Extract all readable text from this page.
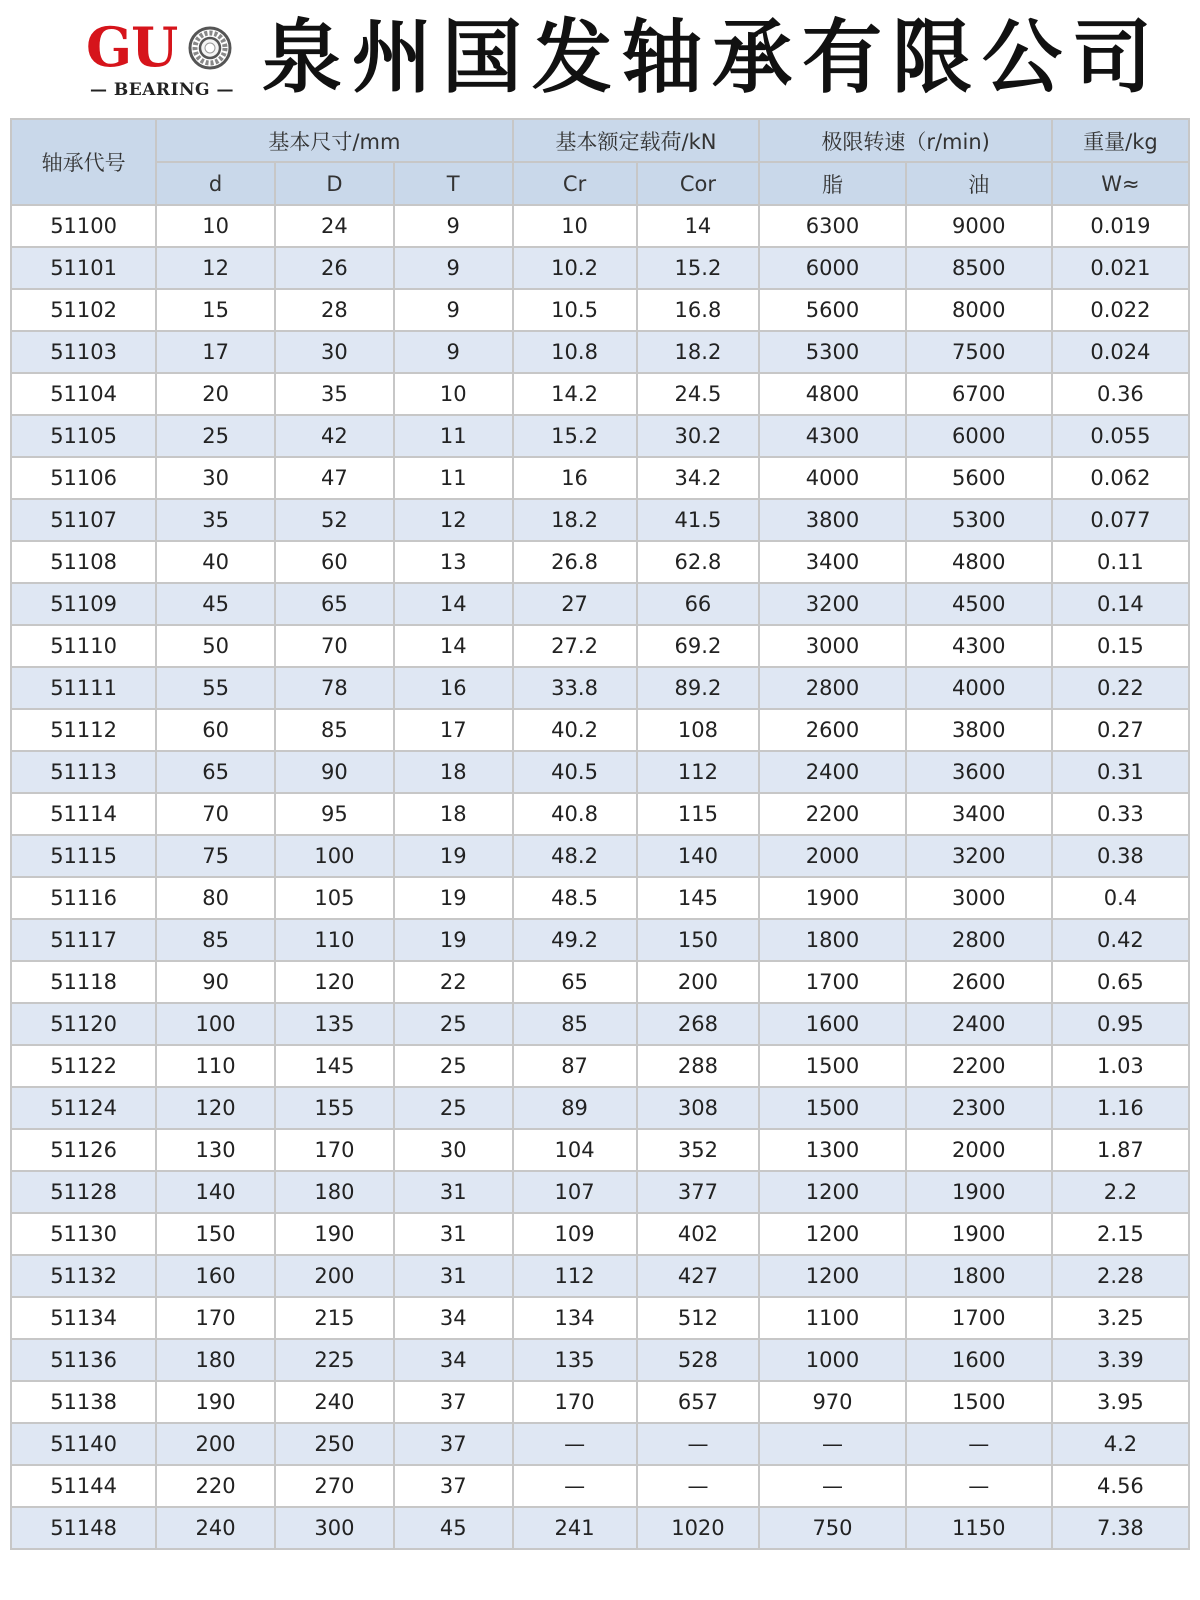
GU
— BEARING — 泉州国发轴承有限公司
轴承代号	基本尺寸/mm			基本额定载荷/kN		极限转速（r/min)		重量/kg
	d	D	T	Cr	Cor	脂	油	W≈
51100	10	24	9	10	14	6300	9000	0.019
51101	12	26	9	10.2	15.2	6000	8500	0.021
51102	15	28	9	10.5	16.8	5600	8000	0.022
51103	17	30	9	10.8	18.2	5300	7500	0.024
51104	20	35	10	14.2	24.5	4800	6700	0.36
51105	25	42	11	15.2	30.2	4300	6000	0.055
51106	30	47	11	16	34.2	4000	5600	0.062
51107	35	52	12	18.2	41.5	3800	5300	0.077
51108	40	60	13	26.8	62.8	3400	4800	0.11
51109	45	65	14	27	66	3200	4500	0.14
51110	50	70	14	27.2	69.2	3000	4300	0.15
51111	55	78	16	33.8	89.2	2800	4000	0.22
51112	60	85	17	40.2	108	2600	3800	0.27
51113	65	90	18	40.5	112	2400	3600	0.31
51114	70	95	18	40.8	115	2200	3400	0.33
51115	75	100	19	48.2	140	2000	3200	0.38
51116	80	105	19	48.5	145	1900	3000	0.4
51117	85	110	19	49.2	150	1800	2800	0.42
51118	90	120	22	65	200	1700	2600	0.65
51120	100	135	25	85	268	1600	2400	0.95
51122	110	145	25	87	288	1500	2200	1.03
51124	120	155	25	89	308	1500	2300	1.16
51126	130	170	30	104	352	1300	2000	1.87
51128	140	180	31	107	377	1200	1900	2.2
51130	150	190	31	109	402	1200	1900	2.15
51132	160	200	31	112	427	1200	1800	2.28
51134	170	215	34	134	512	1100	1700	3.25
51136	180	225	34	135	528	1000	1600	3.39
51138	190	240	37	170	657	970	1500	3.95
51140	200	250	37	—	—	—	—	4.2
51144	220	270	37	—	—	—	—	4.56
51148	240	300	45	241	1020	750	1150	7.38
